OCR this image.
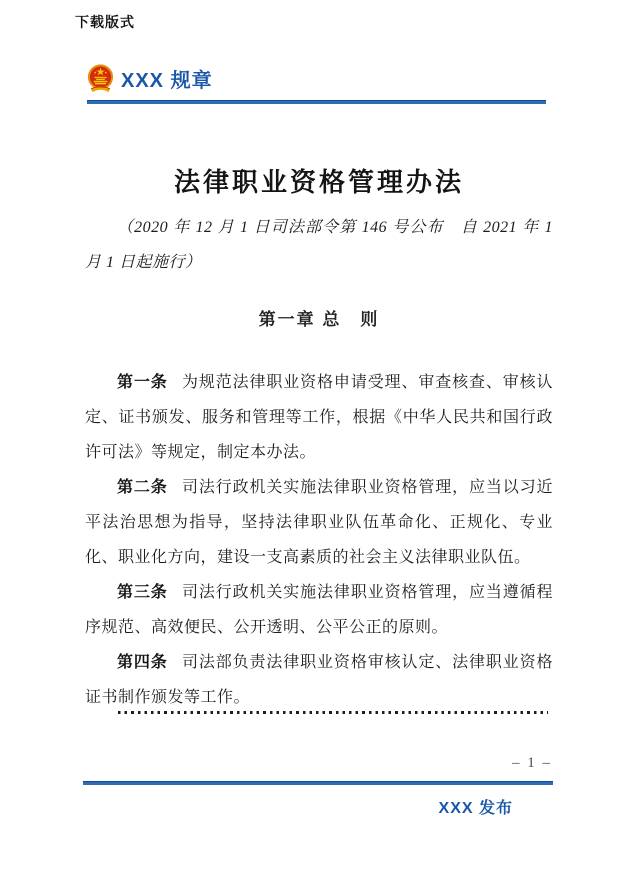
下载版式
XXX 规章
法律职业资格管理办法

（2020 年 12 月 1 日司法部令第 146 号公布　自 2021 年 1 月 1 日起施行）

第一章 总　则

第一条 为规范法律职业资格申请受理、审查核查、审核认定、证书颁发、服务和管理等工作，根据《中华人民共和国行政许可法》等规定，制定本办法。

第二条 司法行政机关实施法律职业资格管理，应当以习近平法治思想为指导，坚持法律职业队伍革命化、正规化、专业化、职业化方向，建设一支高素质的社会主义法律职业队伍。

第三条 司法行政机关实施法律职业资格管理，应当遵循程序规范、高效便民、公开透明、公平公正的原则。

第四条 司法部负责法律职业资格审核认定、法律职业资格证书制作颁发等工作。

– 1 –
XXX 发布
